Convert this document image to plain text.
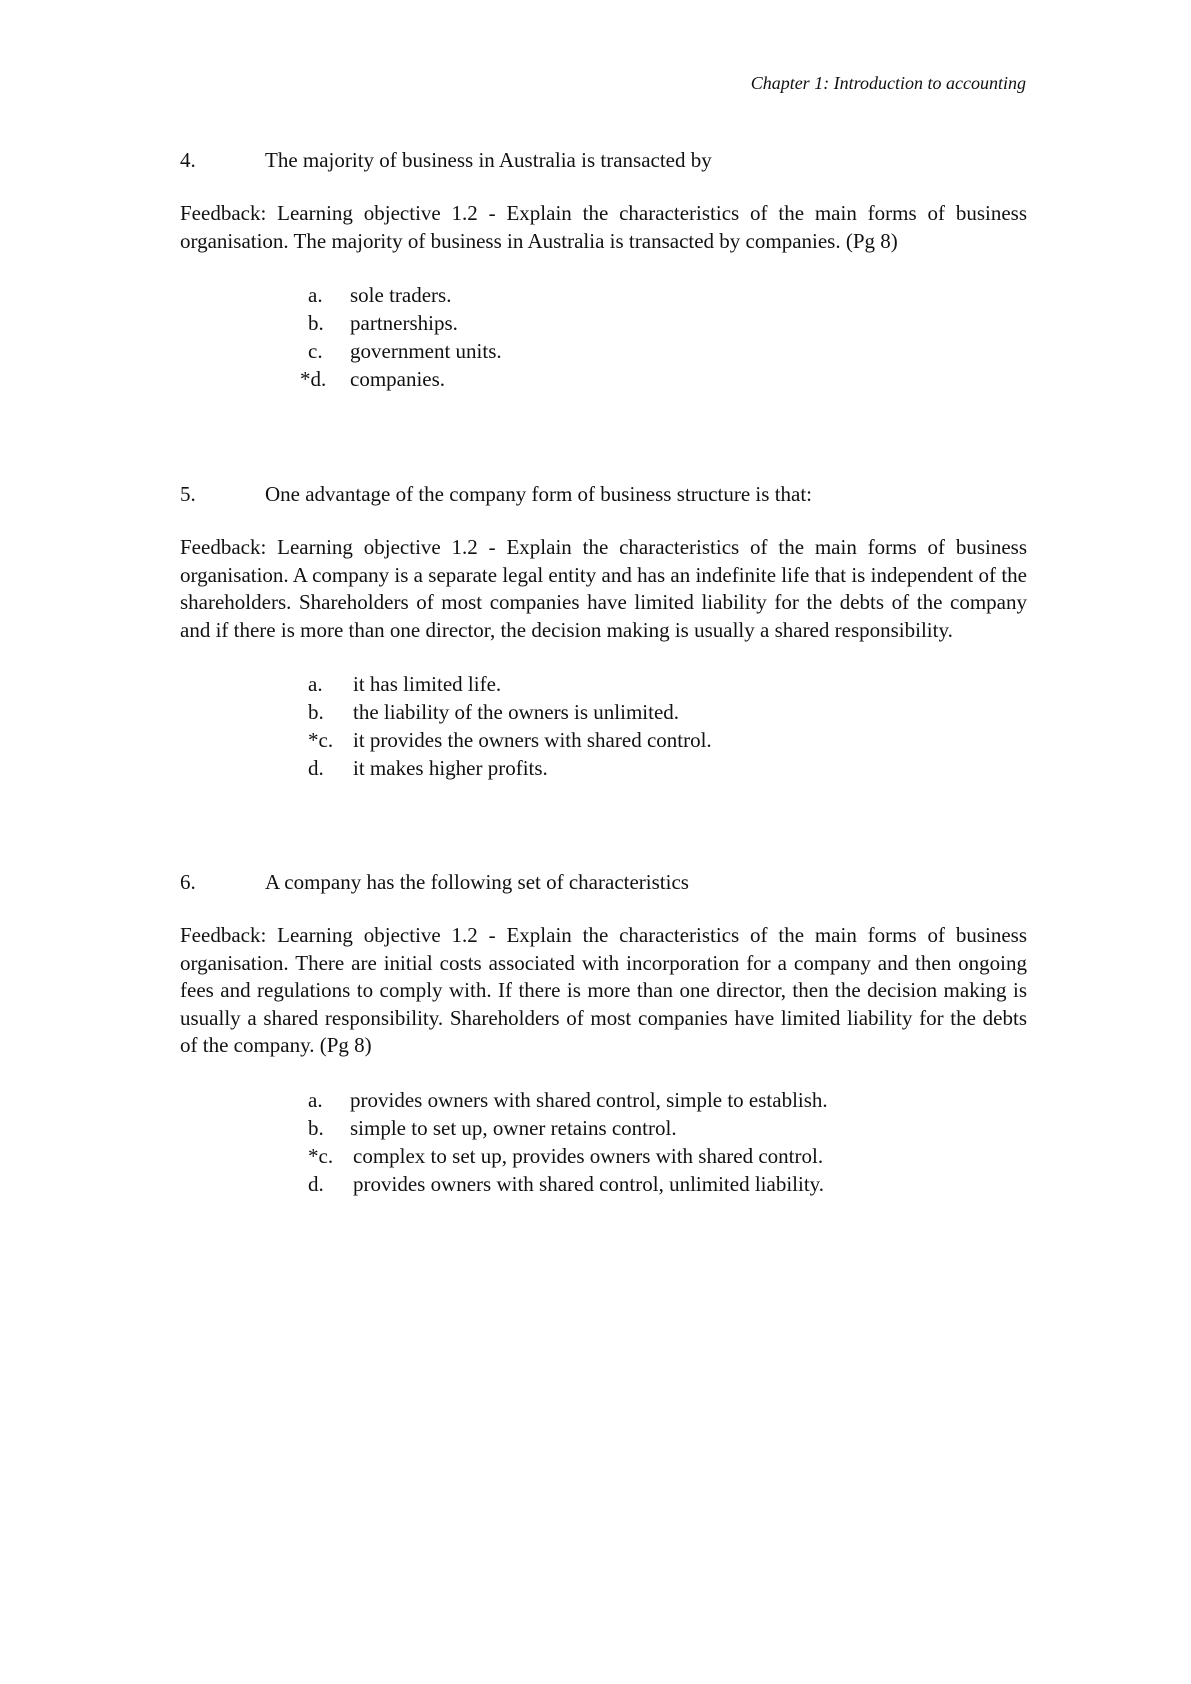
Chapter 1: Introduction to accounting
4.	The majority of business in Australia is transacted by

Feedback: Learning objective 1.2 - Explain the characteristics of the main forms of business organisation. The majority of business in Australia is transacted by companies. (Pg 8)

a. sole traders.
b. partnerships.
c. government units.
*d. companies.
5.	One advantage of the company form of business structure is that:

Feedback: Learning objective 1.2 - Explain the characteristics of the main forms of business organisation. A company is a separate legal entity and has an indefinite life that is independent of the shareholders. Shareholders of most companies have limited liability for the debts of the company and if there is more than one director, the decision making is usually a shared responsibility.

a. it has limited life.
b. the liability of the owners is unlimited.
*c. it provides the owners with shared control.
d. it makes higher profits.
6.	A company has the following set of characteristics

Feedback: Learning objective 1.2 - Explain the characteristics of the main forms of business organisation. There are initial costs associated with incorporation for a company and then ongoing fees and regulations to comply with. If there is more than one director, then the decision making is usually a shared responsibility. Shareholders of most companies have limited liability for the debts of the company. (Pg 8)

a. provides owners with shared control, simple to establish.
b. simple to set up, owner retains control.
*c. complex to set up, provides owners with shared control.
d. provides owners with shared control, unlimited liability.
